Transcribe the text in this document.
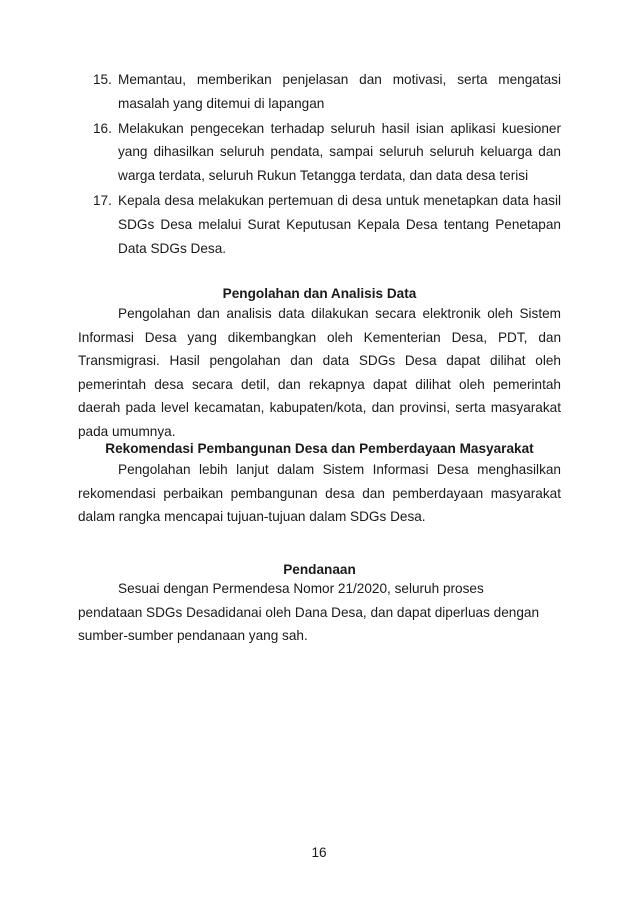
15. Memantau, memberikan penjelasan dan motivasi, serta mengatasi masalah yang ditemui di lapangan
16. Melakukan pengecekan terhadap seluruh hasil isian aplikasi kuesioner yang dihasilkan seluruh pendata, sampai seluruh seluruh keluarga dan warga terdata, seluruh Rukun Tetangga terdata, dan data desa terisi
17. Kepala desa melakukan pertemuan di desa untuk menetapkan data hasil SDGs Desa melalui Surat Keputusan Kepala Desa tentang Penetapan Data SDGs Desa.
Pengolahan dan Analisis Data

Pengolahan dan analisis data dilakukan secara elektronik oleh Sistem Informasi Desa yang dikembangkan oleh Kementerian Desa, PDT, dan Transmigrasi. Hasil pengolahan dan data SDGs Desa dapat dilihat oleh pemerintah desa secara detil, dan rekapnya dapat dilihat oleh pemerintah daerah pada level kecamatan, kabupaten/kota, dan provinsi, serta masyarakat pada umumnya.

Rekomendasi Pembangunan Desa dan Pemberdayaan Masyarakat

Pengolahan lebih lanjut dalam Sistem Informasi Desa menghasilkan rekomendasi perbaikan pembangunan desa dan pemberdayaan masyarakat dalam rangka mencapai tujuan-tujuan dalam SDGs Desa.

Pendanaan

Sesuai dengan Permendesa Nomor 21/2020, seluruh proses pendataan SDGs Desadidanai oleh Dana Desa, dan dapat diperluas dengan sumber-sumber pendanaan yang sah.

16
